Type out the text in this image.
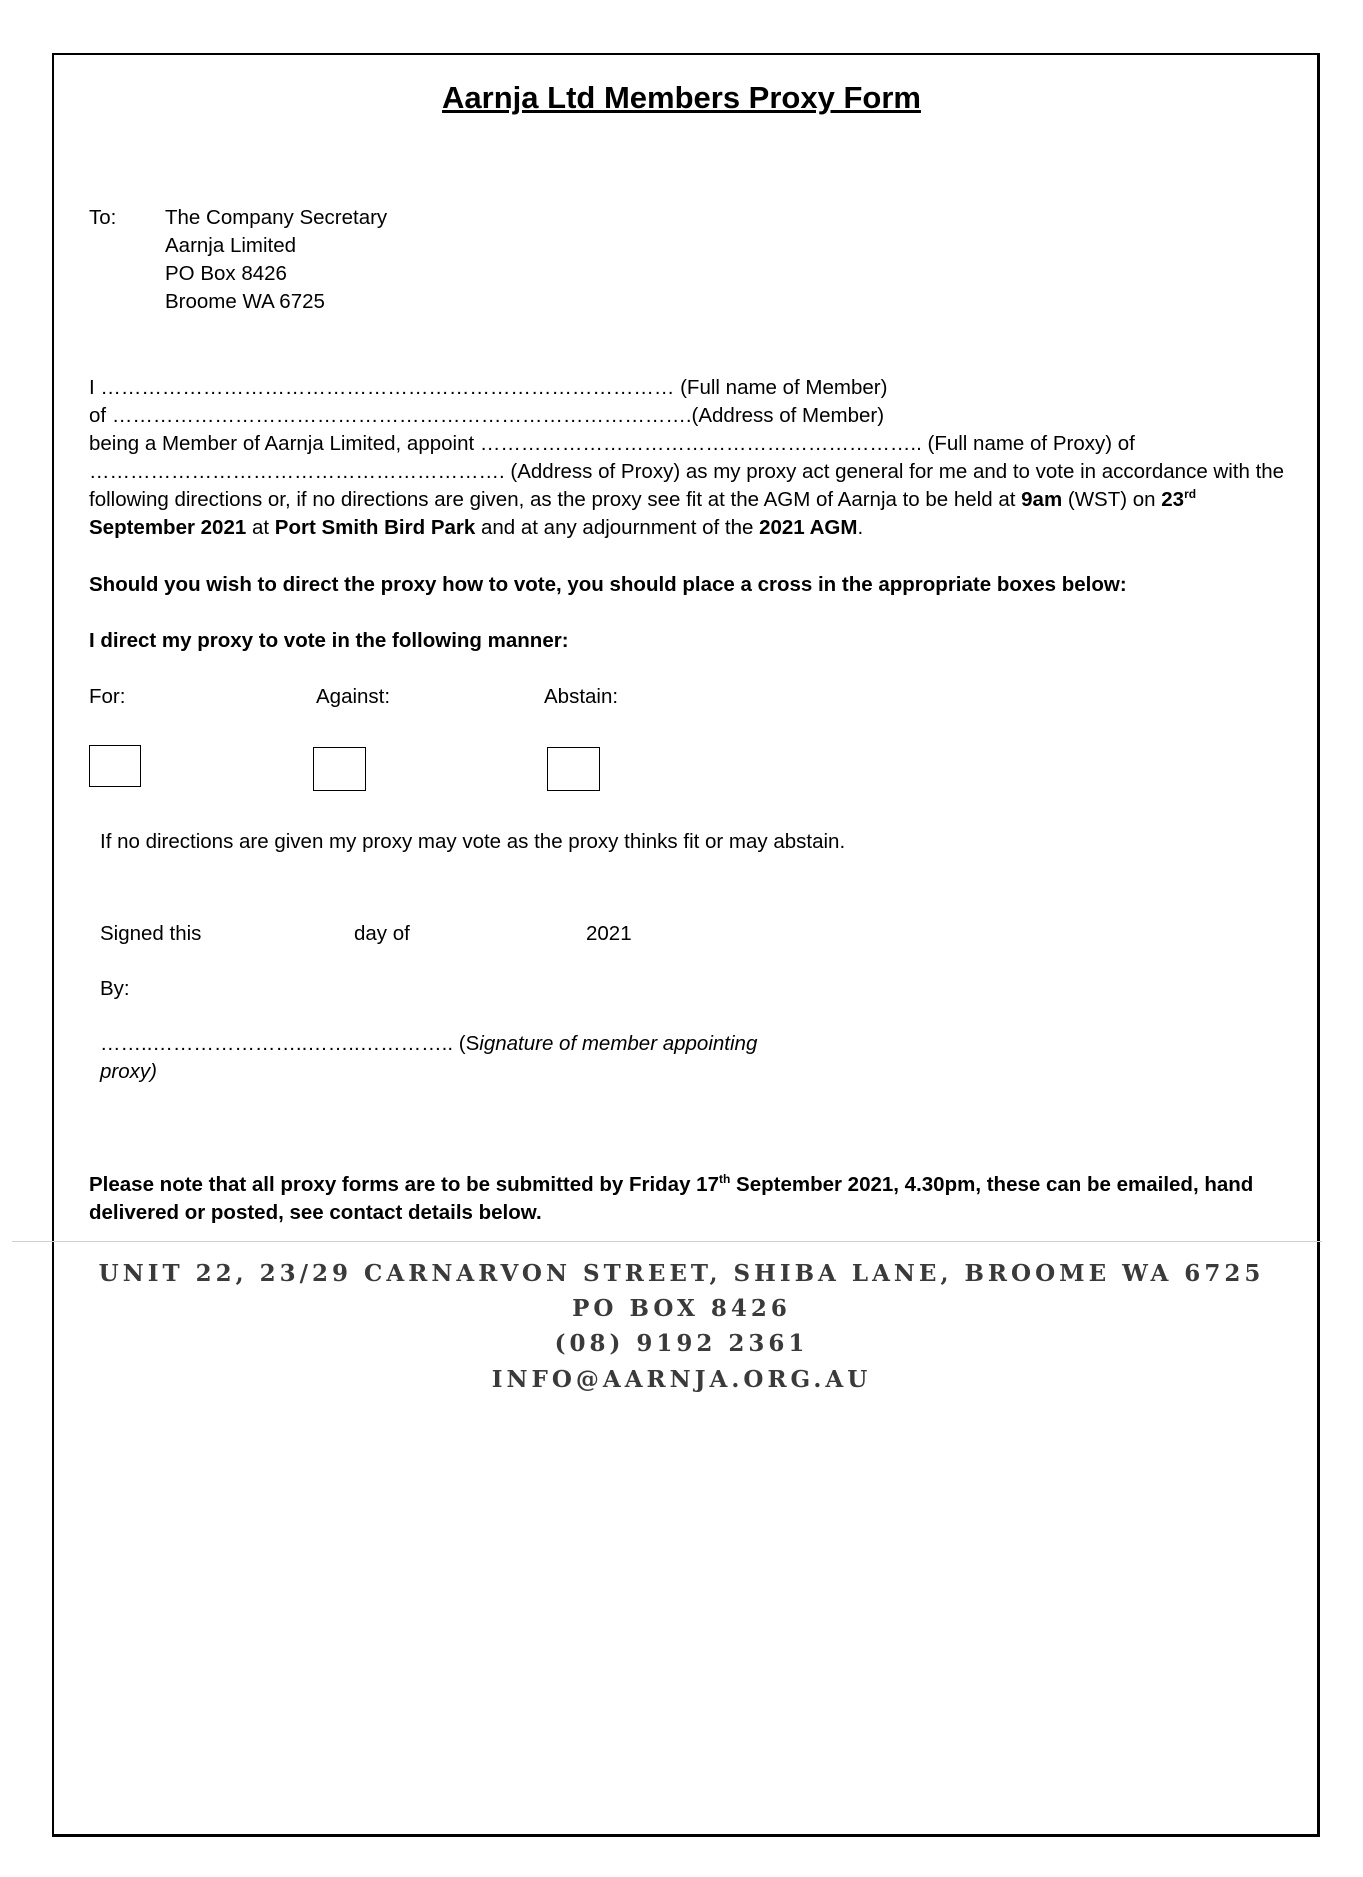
Aarnja Ltd Members Proxy Form
To: The Company Secretary
Aarnja Limited
PO Box 8426
Broome WA 6725
I ………………………………………………………………………… (Full name of Member)
of ………………………………………………………………………….(Address of Member)
being a Member of Aarnja Limited, appoint ……………………………………………………….. (Full name of Proxy) of
……………………………………………………. (Address of Proxy) as my proxy act general for me and to vote in accordance with the
following directions or, if no directions are given, as the proxy see fit at the AGM of Aarnja to be held at 9am (WST) on 23rd
September 2021 at Port Smith Bird Park and at any adjournment of the 2021 AGM.
Should you wish to direct the proxy how to vote, you should place a cross in the appropriate boxes below:
I direct my proxy to vote in the following manner:
For:	Against:	Abstain:
If no directions are given my proxy may vote as the proxy thinks fit or may abstain.
Signed this	day of	2021
By:
……..…………………..……..………….. (Signature of member appointing
proxy)
Please note that all proxy forms are to be submitted by Friday 17th September 2021, 4.30pm, these can be emailed, hand
delivered or posted, see contact details below.
UNIT 22, 23/29 CARNARVON STREET, SHIBA LANE, BROOME WA 6725
PO BOX 8426
(08) 9192 2361
INFO@AARNJA.ORG.AU
